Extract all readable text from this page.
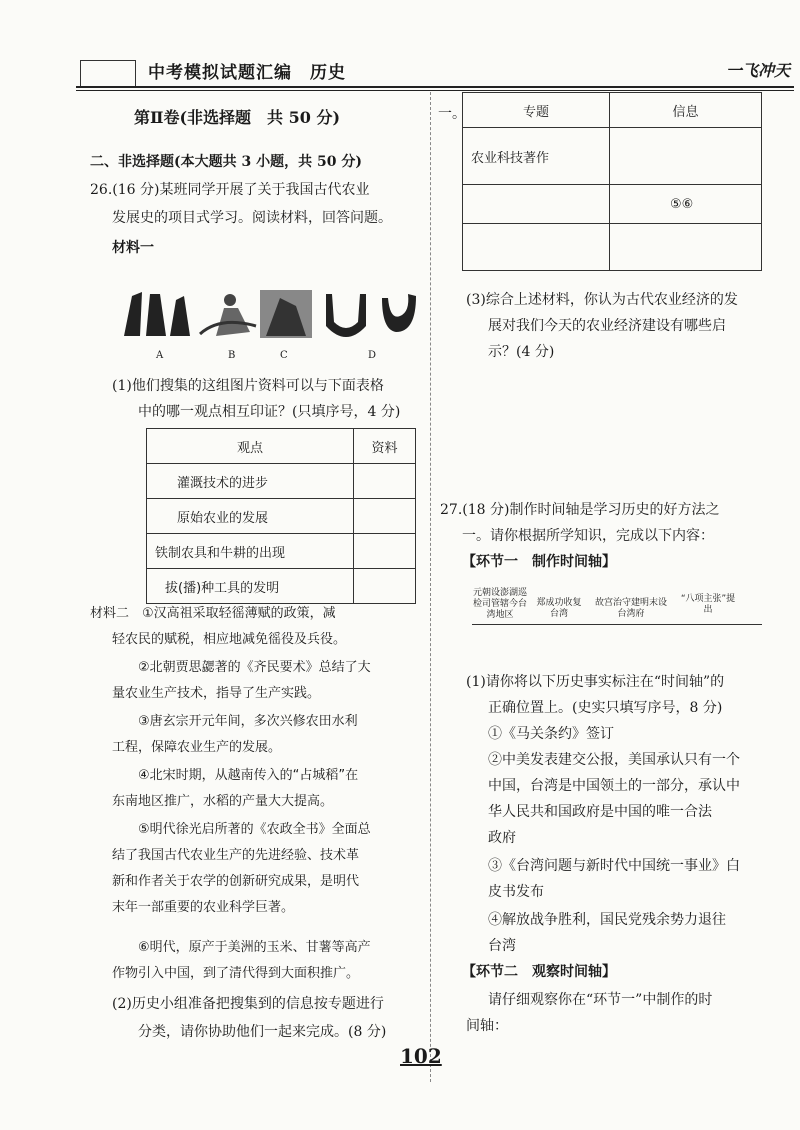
中考模拟试题汇编　历史	一飞冲天
第Ⅱ卷(非选择题　共 50 分)
二、非选择题(本大题共 3 小题，共 50 分)
26.(16 分)某班同学开展了关于我国古代农业
发展史的项目式学习。阅读材料，回答问题。
材料一
A	B	C	D
(1)他们搜集的这组图片资料可以与下面表格
中的哪一观点相互印证？(只填序号，4 分)
观点	资料
灌溉技术的进步	
原始农业的发展	
铁制农具和牛耕的出现	
拔(播)种工具的发明	
材料二　①汉高祖采取轻徭薄赋的政策，减
轻农民的赋税，相应地减免徭役及兵役。
②北朝贾思勰著的《齐民要术》总结了大
量农业生产技术，指导了生产实践。
③唐玄宗开元年间，多次兴修农田水利
工程，保障农业生产的发展。
④北宋时期，从越南传入的“占城稻”在
东南地区推广，水稻的产量大大提高。
⑤明代徐光启所著的《农政全书》全面总
结了我国古代农业生产的先进经验、技术革
新和作者关于农学的创新研究成果，是明代
末年一部重要的农业科学巨著。
⑥明代，原产于美洲的玉米、甘薯等高产
作物引入中国，到了清代得到大面积推广。
(2)历史小组准备把搜集到的信息按专题进行
分类，请你协助他们一起来完成。(8 分)
一。	专题	信息
农业科技著作	
	⑤⑥

(3)综合上述材料，你认为古代农业经济的发
展对我们今天的农业经济建设有哪些启
示？(4 分)
27.(18 分)制作时间轴是学习历史的好方法之
一。请你根据所学知识，完成以下内容：
【环节一　制作时间轴】
元朝设澎湖巡检司管辖今台湾地区
郑成功收复台湾
故宫治守建明末设台湾府
“八项主张”提出
(1)请你将以下历史事实标注在“时间轴”的
正确位置上。(史实只填写序号，8 分)
①《马关条约》签订
②中美发表建交公报，美国承认只有一个
中国，台湾是中国领土的一部分，承认中
华人民共和国政府是中国的唯一合法
政府
③《台湾问题与新时代中国统一事业》白
皮书发布
④解放战争胜利，国民党残余势力退往
台湾
【环节二　观察时间轴】
请仔细观察你在“环节一”中制作的时
间轴：
102
